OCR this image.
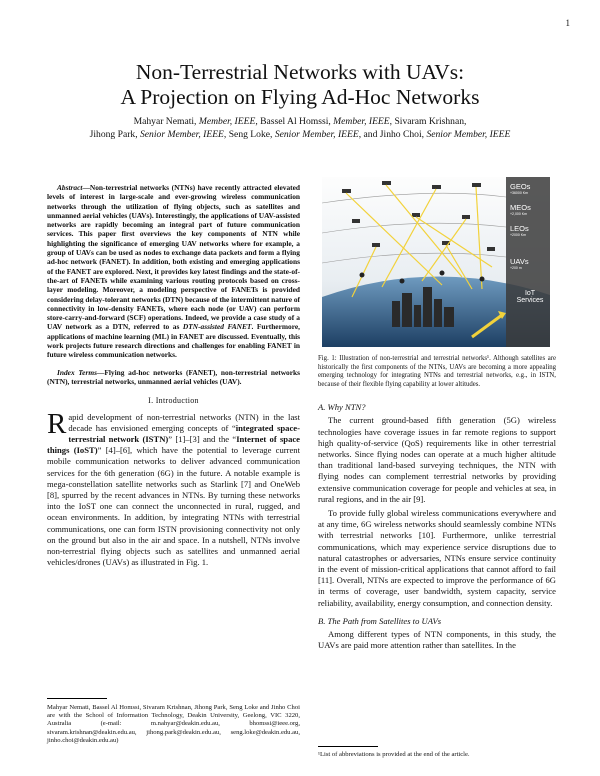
1
Non-Terrestrial Networks with UAVs:
A Projection on Flying Ad-Hoc Networks
Mahyar Nemati, Member, IEEE, Bassel Al Homssi, Member, IEEE, Sivaram Krishnan,
Jihong Park, Senior Member, IEEE, Seng Loke, Senior Member, IEEE, and Jinho Choi, Senior Member, IEEE

Abstract—Non-terrestrial networks (NTNs) have recently attracted elevated levels of interest in large-scale and ever-growing wireless communication networks through the utilization of flying objects, such as satellites and unmanned aerial vehicles (UAVs). Interestingly, the applications of UAV-assisted networks are rapidly becoming an integral part of future communication services. This paper first overviews the key components of NTN while highlighting the significance of emerging UAV networks where for example, a group of UAVs can be used as nodes to exchange data packets and form a flying ad-hoc network (FANET). In addition, both existing and emerging applications of the FANET are explored. Next, it provides key latest findings and the state-of-the-art of FANETs while examining various routing protocols based on cross-layer modeling. Moreover, a modeling perspective of FANETs is provided considering delay-tolerant networks (DTN) because of the intermittent nature of connectivity in low-density FANETs, where each node (or UAV) can perform store-carry-and-forward (SCF) operations. Indeed, we provide a case study of a UAV network as a DTN, referred to as DTN-assisted FANET. Furthermore, applications of machine learning (ML) in FANET are discussed. Eventually, this work projects future research directions and challenges for enabling FANET in future wireless communication networks.

Index Terms—Flying ad-hoc networks (FANET), non-terrestrial networks (NTN), terrestrial networks, unmanned aerial vehicles (UAV).

I. Introduction

Rapid development of non-terrestrial networks (NTN) in the last decade has envisioned emerging concepts of “integrated space-terrestrial network (ISTN)” [1]–[3] and the “Internet of space things (IoST)” [4]–[6], which have the potential to leverage current mobile communication networks to deliver advanced communication services for the 6th generation (6G) in the future. A notable example is mega-constellation satellite networks such as Starlink [7] and OneWeb [8], spurred by the recent advances in NTNs. By turning these networks into the IoST one can connect the unconnected in rural, rugged, and ocean environments. In addition, by integrating NTNs with terrestrial communications, one can form ISTN provisioning connectivity not only on the ground but also in the air and space. In a nutshell, NTNs involve non-terrestrial flying objects such as satellites and unmanned aerial vehicles/drones (UAVs) as illustrated in Fig. 1.

Mahyar Nemati, Bassel Al Homssi, Sivaram Krishnan, Jihong Park, Seng Loke and Jinho Choi are with the School of Information Technology, Deakin University, Geelong, VIC 3220, Australia (e-mail: m.nahyar@deakin.edu.au, bhomssi@ieee.org, sivaram.krishnan@deakin.edu.au, jihong.park@deakin.edu.au, seng.loke@deakin.edu.au, jinho.choi@deakin.edu.au)
GEOs
+36000 Km
MEOs
+2,000 Km
LEOs
+2000 Km
UAVs
+200 m
IoT
Services

Fig. 1: Illustration of non-terrestrial and terrestrial networks¹. Although satellites are historically the first components of the NTNs, UAVs are becoming a more appealing emerging technology for integrating NTNs and terrestrial networks, e.g., in ISTN, because of their flexible flying capability at lower altitudes.

A. Why NTN?

The current ground-based fifth generation (5G) wireless technologies have coverage issues in far remote regions to support high quality-of-service (QoS) requirements like in other terrestrial networks. Since flying nodes can operate at a much higher altitude than traditional land-based surveying techniques, the NTN with flying nodes can complement terrestrial networks by providing extensive communication coverage for people and vehicles at sea, in rural regions, and in the air [9].

To provide fully global wireless communications everywhere and at any time, 6G wireless networks should seamlessly combine NTNs with terrestrial networks [10]. Furthermore, unlike terrestrial communications, which may experience service disruptions due to natural catastrophes or adversaries, NTNs ensure service continuity in the event of mission-critical applications that cannot afford to fail [11]. Overall, NTNs are expected to improve the performance of 6G in terms of coverage, user bandwidth, system capacity, service reliability, availability, energy consumption, and connection density.

B. The Path from Satellites to UAVs

Among different types of NTN components, in this study, the UAVs are paid more attention rather than satellites. In the

¹List of abbreviations is provided at the end of the article.
